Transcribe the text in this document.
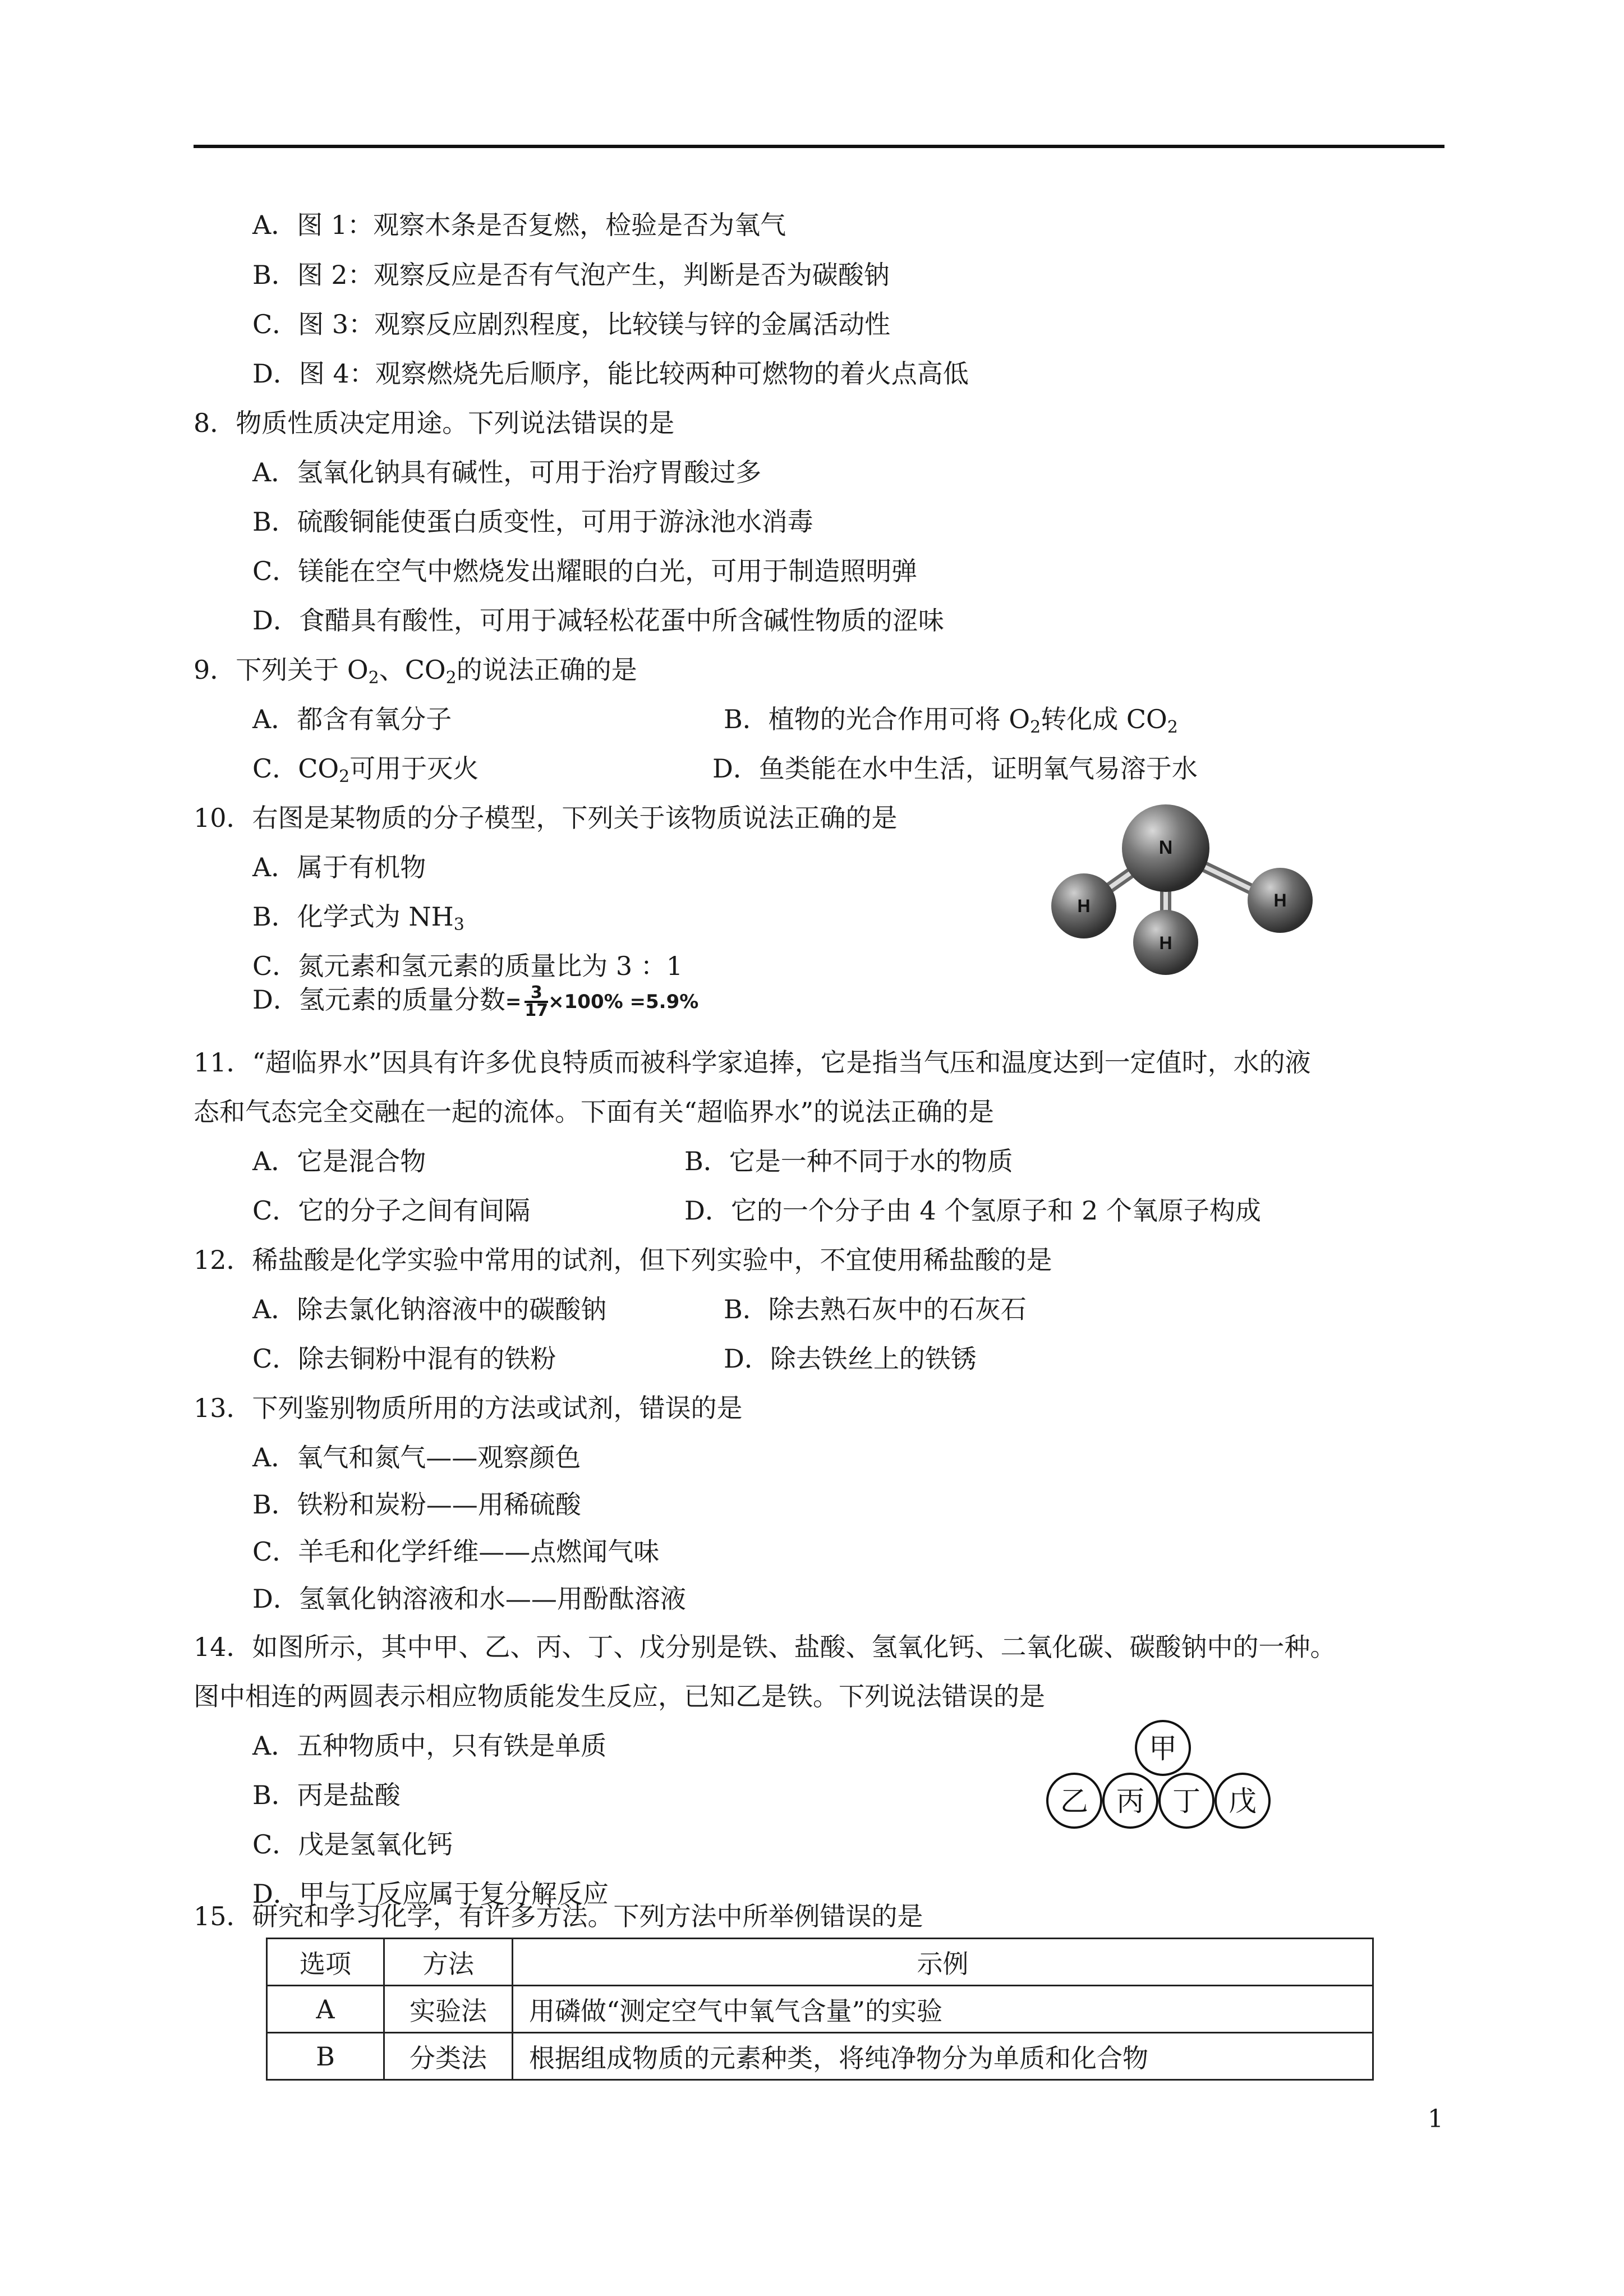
A．图 1：观察木条是否复燃，检验是否为氧气
B．图 2：观察反应是否有气泡产生，判断是否为碳酸钠
C．图 3：观察反应剧烈程度，比较镁与锌的金属活动性
D．图 4：观察燃烧先后顺序，能比较两种可燃物的着火点高低
8．物质性质决定用途。下列说法错误的是
A．氢氧化钠具有碱性，可用于治疗胃酸过多
B．硫酸铜能使蛋白质变性，可用于游泳池水消毒
C．镁能在空气中燃烧发出耀眼的白光，可用于制造照明弹
D．食醋具有酸性，可用于减轻松花蛋中所含碱性物质的涩味
9．下列关于 $O_2$、$CO_2$的说法正确的是
A．都含有氧分子	B．植物的光合作用可将 $O_2$转化成 $CO_2$
C．$CO_2$可用于灭火	D．鱼类能在水中生活，证明氧气易溶于水
10．右图是某物质的分子模型，下列关于该物质说法正确的是
A．属于有机物
B．化学式为 $NH_3$
C．氮元素和氢元素的质量比为 3 ：1
D．氢元素的质量分数= $\frac{3}{17} \times 100\% =5.9\%$
N
H
H
H
11．“超临界水”因具有许多优良特质而被科学家追捧，它是指当气压和温度达到一定值时，水的液
态和气态完全交融在一起的流体。下面有关“超临界水”的说法正确的是
A．它是混合物	B．它是一种不同于水的物质
C．它的分子之间有间隔	D．它的一个分子由 4 个氢原子和 2 个氧原子构成
12．稀盐酸是化学实验中常用的试剂，但下列实验中，不宜使用稀盐酸的是
A．除去氯化钠溶液中的碳酸钠	B．除去熟石灰中的石灰石
C．除去铜粉中混有的铁粉	D．除去铁丝上的铁锈
13．下列鉴别物质所用的方法或试剂，错误的是
A．氧气和氮气——观察颜色
B．铁粉和炭粉——用稀硫酸
C．羊毛和化学纤维——点燃闻气味
D．氢氧化钠溶液和水——用酚酞溶液
14．如图所示，其中甲、乙、丙、丁、戊分别是铁、盐酸、氢氧化钙、二氧化碳、碳酸钠中的一种。
图中相连的两圆表示相应物质能发生反应，已知乙是铁。下列说法错误的是
A．五种物质中，只有铁是单质
B．丙是盐酸
C．戊是氢氧化钙
D．甲与丁反应属于复分解反应
甲
乙 丙 丁 戊
15．研究和学习化学，有许多方法。下列方法中所举例错误的是
选项	方法	示例
A	实验法	用磷做“测定空气中氧气含量”的实验
B	分类法	根据组成物质的元素种类，将纯净物分为单质和化合物
1
